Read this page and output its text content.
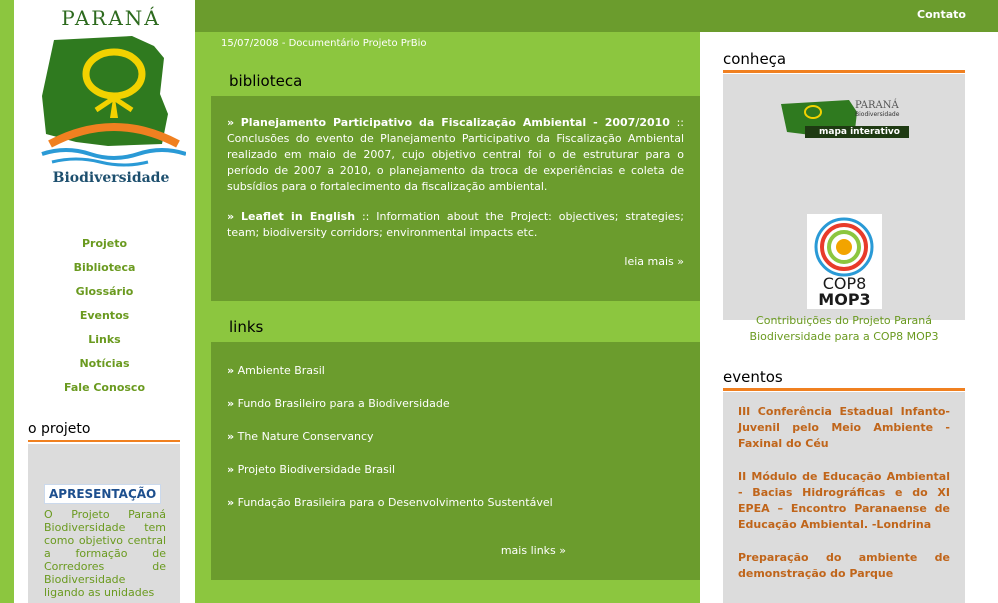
PARANÁ
Biodiversidade
Projeto
Biblioteca
Glossário
Eventos
Links
Notícias
Fale Conosco
o projeto
APRESENTAÇÃO
O Projeto Paraná Biodiversidade tem como objetivo central a formação de Corredores de Biodiversidade ligando as unidades
Contato
15/07/2008 - Documentário Projeto PrBio
biblioteca
» Planejamento Participativo da Fiscalização Ambiental - 2007/2010 :: Conclusões do evento de Planejamento Participativo da Fiscalização Ambiental realizado em maio de 2007, cujo objetivo central foi o de estruturar para o período de 2007 a 2010, o planejamento da troca de experiências e coleta de subsídios para o fortalecimento da fiscalização ambiental.
» Leaflet in English :: Information about the Project: objectives; strategies; team; biodiversity corridors; environmental impacts etc.
leia mais »
links
» Ambiente Brasil
» Fundo Brasileiro para a Biodiversidade
» The Nature Conservancy
» Projeto Biodiversidade Brasil
» Fundação Brasileira para o Desenvolvimento Sustentável
mais links »
conheça
PARANÁ
Biodiversidade
mapa interativo
COP8
MOP3
Contribuições do Projeto Paraná Biodiversidade para a COP8 MOP3
eventos
III Conferência Estadual Infanto-Juvenil pelo Meio Ambiente - Faxinal do Céu
II Módulo de Educação Ambiental - Bacias Hidrográficas e do XI EPEA – Encontro Paranaense de Educação Ambiental. -Londrina
Preparação do ambiente de demonstração do Parque
